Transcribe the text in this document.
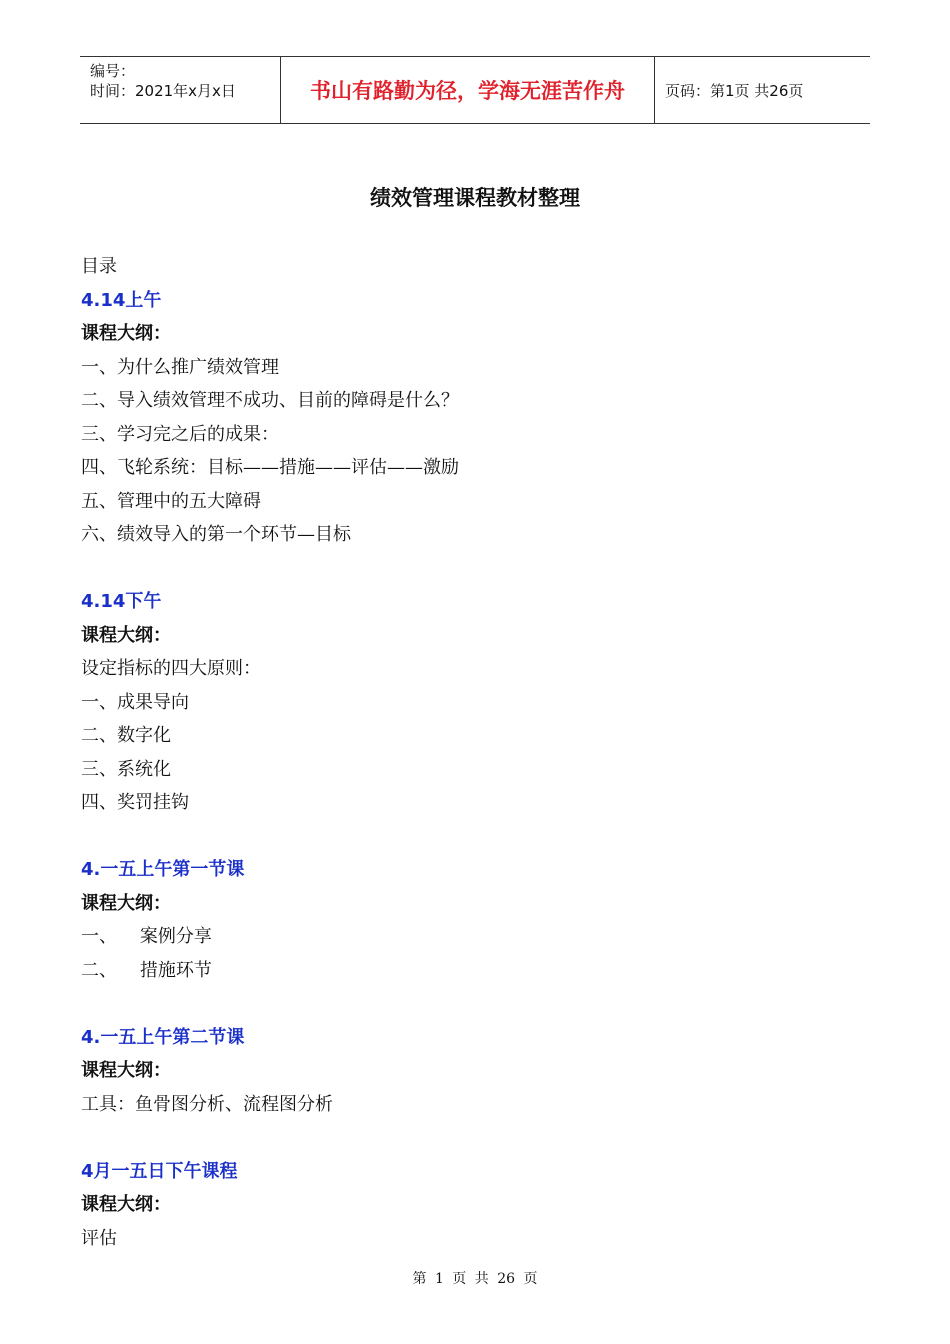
编号：
时间：2021年x月x日	书山有路勤为径，学海无涯苦作舟	页码：第1页 共26页
绩效管理课程教材整理
目录
4.14上午
课程大纲：
一、为什么推广绩效管理
二、导入绩效管理不成功、目前的障碍是什么？
三、学习完之后的成果：
四、飞轮系统：目标——措施——评估——激励
五、管理中的五大障碍
六、绩效导入的第一个环节—目标
4.14下午
课程大纲：
设定指标的四大原则：
一、成果导向
二、数字化
三、系统化
四、奖罚挂钩
4.一五上午第一节课
课程大纲：
一、    案例分享
二、    措施环节
4.一五上午第二节课
课程大纲：
工具：鱼骨图分析、流程图分析
4月一五日下午课程
课程大纲：
评估
第 1 页 共 26 页
